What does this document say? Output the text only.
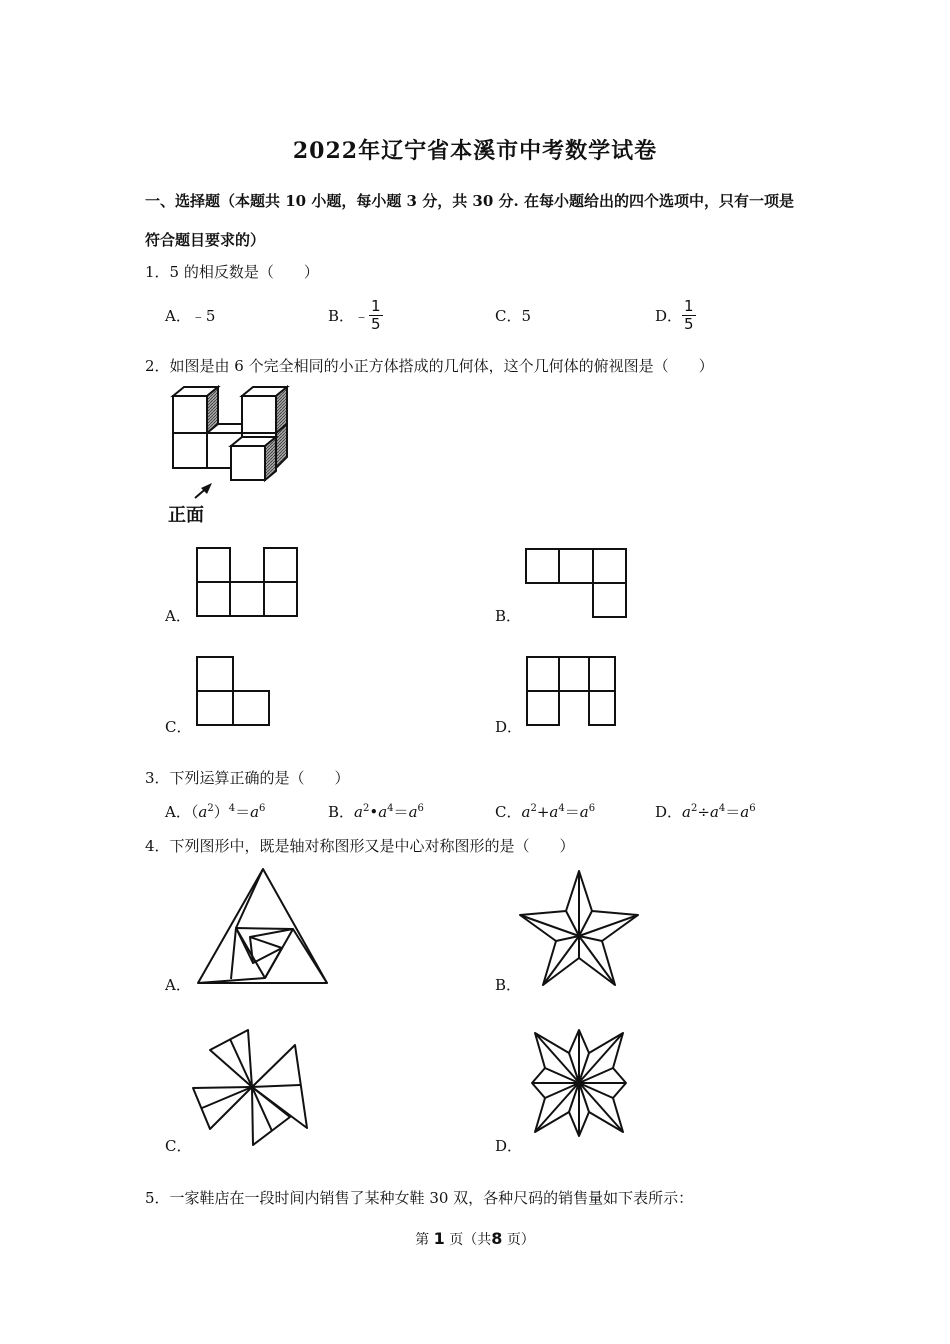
2022年辽宁省本溪市中考数学试卷
一、选择题（本题共 10 小题，每小题 3 分，共 30 分. 在每小题给出的四个选项中，只有一项是
符合题目要求的）
1．5 的相反数是（　　）
A．﹣5	B．﹣ $\frac{1}{5}$	C．5	D． $\frac{1}{5}$
2．如图是由 6 个完全相同的小正方体搭成的几何体，这个几何体的俯视图是（　　）
正面
A．	B．
C．	D．
3．下列运算正确的是（　　）
A．$(a^2)^4=a^6$	B．$a^2•a^4=a^6$	C．$a^2+a^4=a^6$	D．$a^2\div a^4=a^6$
4．下列图形中，既是轴对称图形又是中心对称图形的是（　　）
A．	B．
C．	D．
5．一家鞋店在一段时间内销售了某种女鞋 30 双，各种尺码的销售量如下表所示：
第 1 页（共8 页）
